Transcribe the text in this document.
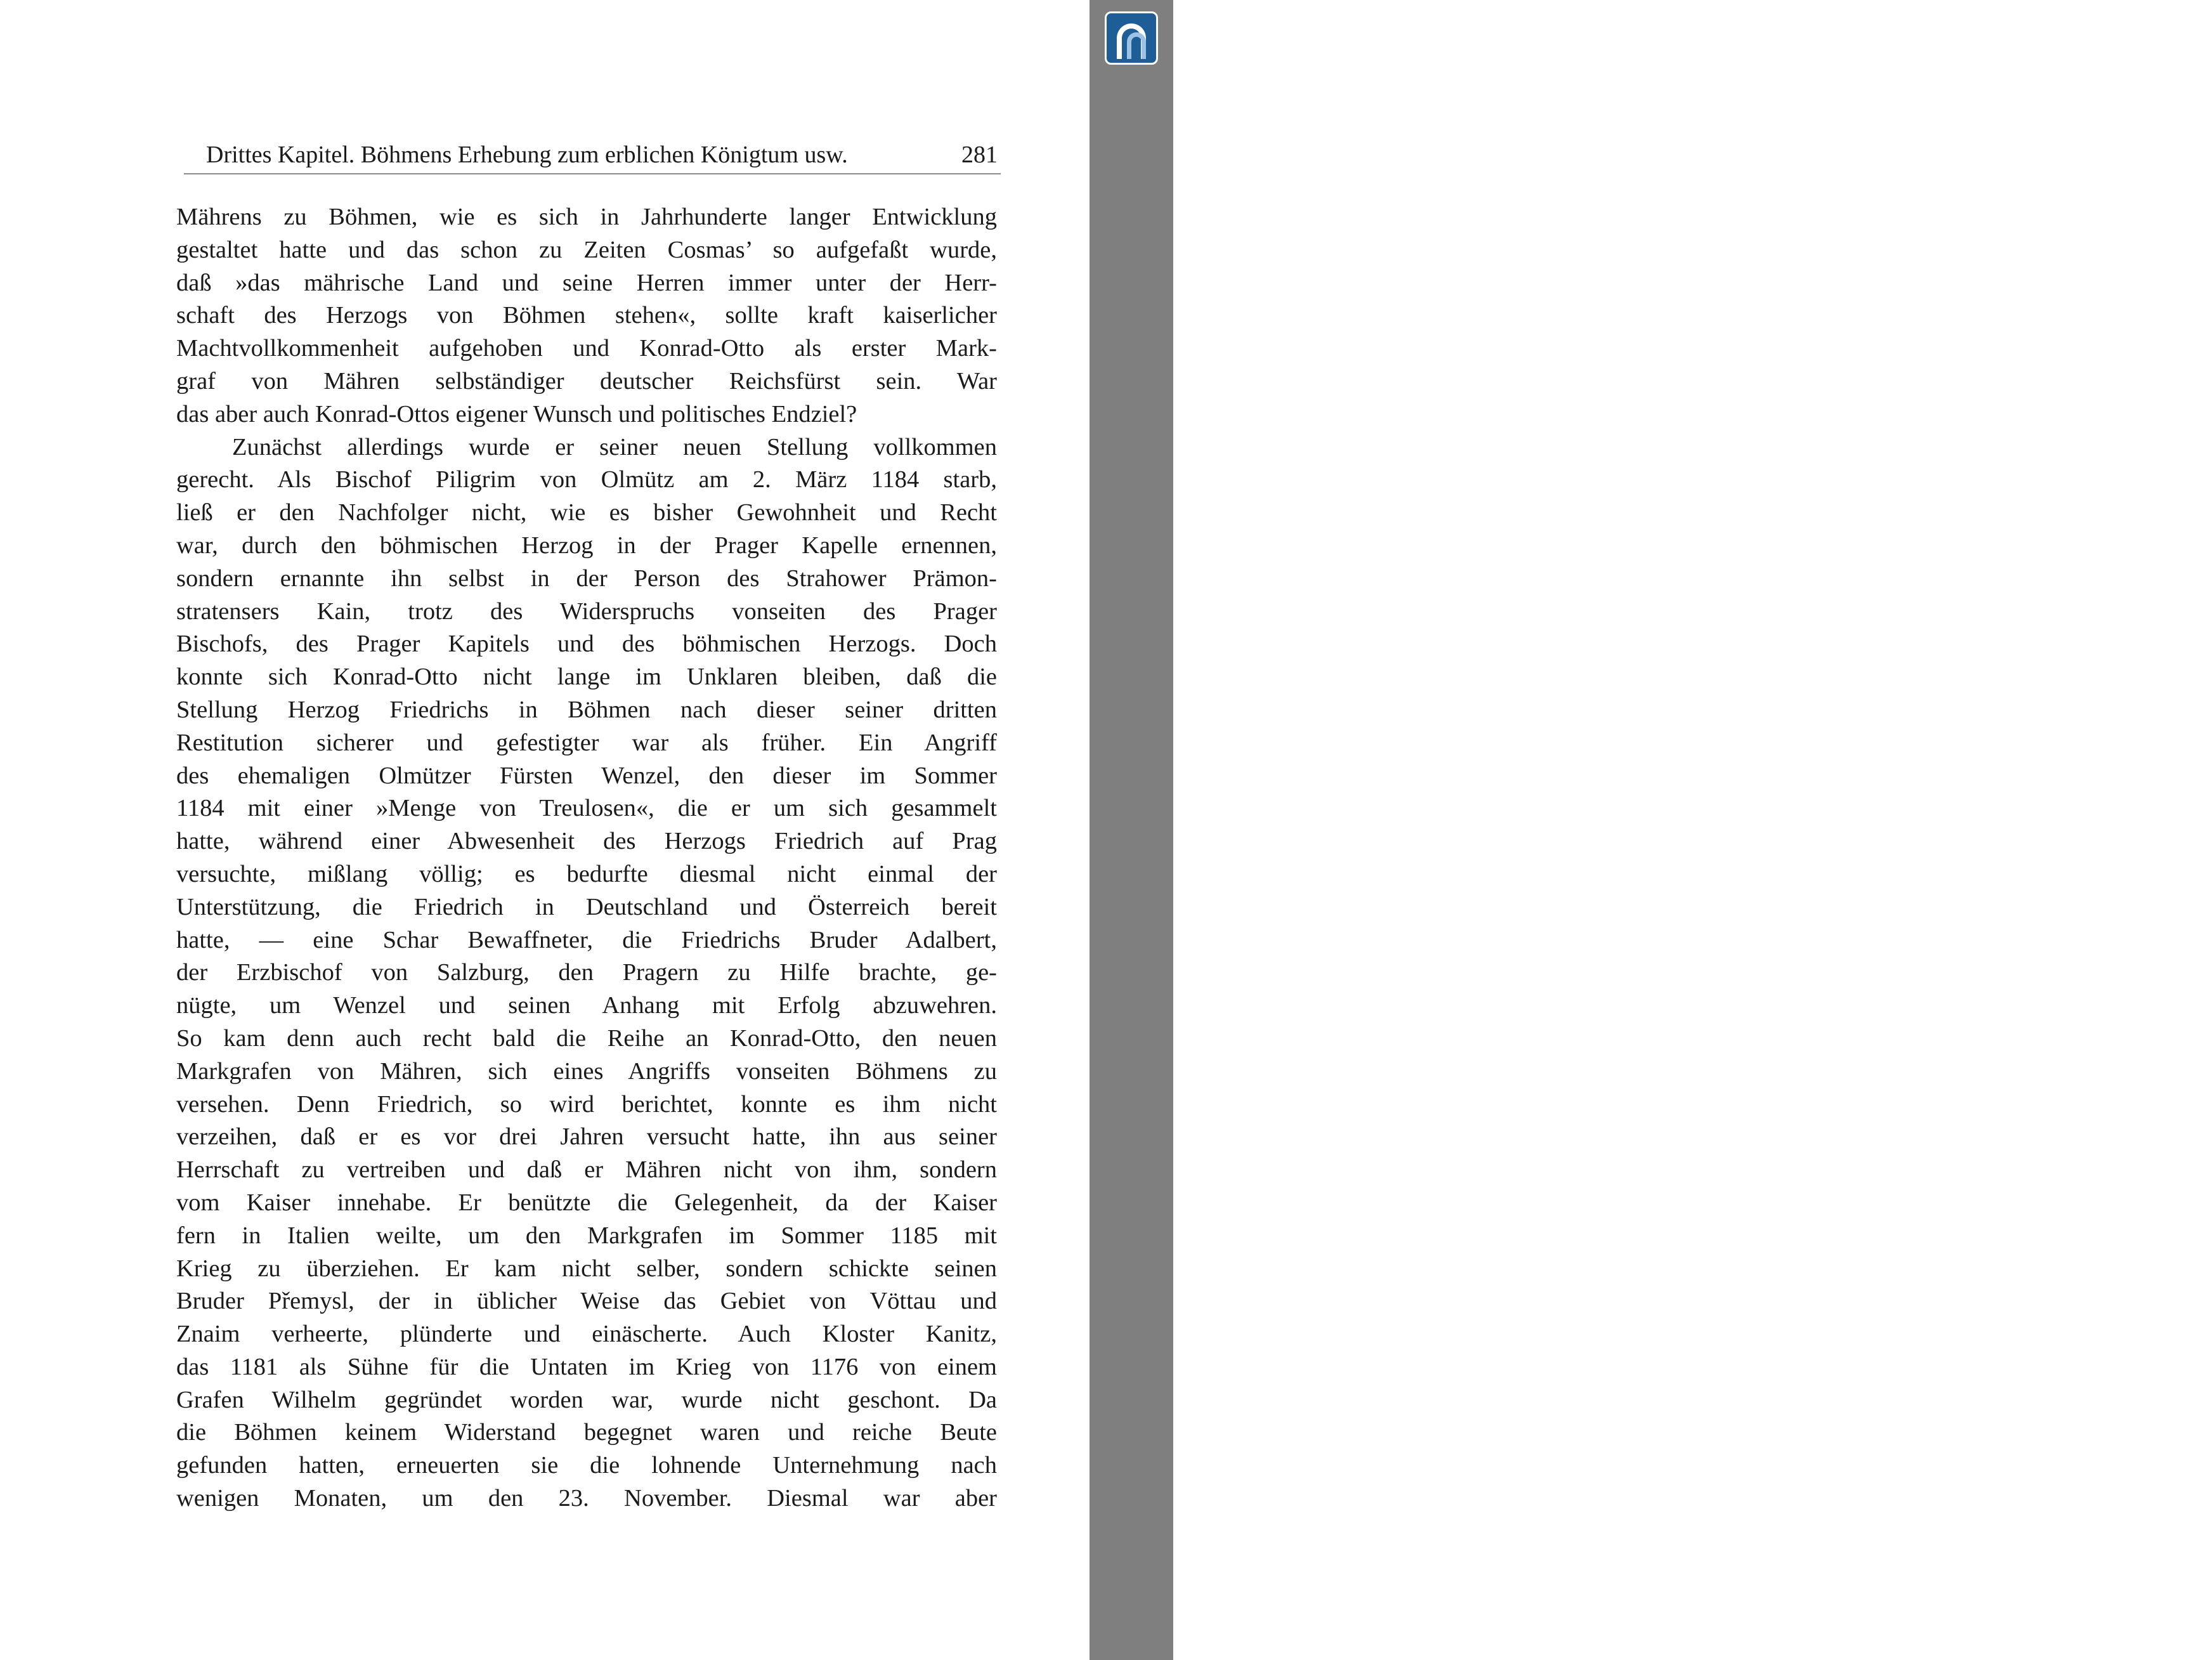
Drittes Kapitel. Böhmens Erhebung zum erblichen Königtum usw.	281
Mährens zu Böhmen, wie es sich in Jahrhunderte langer Entwicklung
gestaltet hatte und das schon zu Zeiten Cosmas’ so aufgefaßt wurde,
daß »das mährische Land und seine Herren immer unter der Herr-
schaft des Herzogs von Böhmen stehen«, sollte kraft kaiserlicher
Machtvollkommenheit aufgehoben und Konrad-Otto als erster Mark-
graf von Mähren selbständiger deutscher Reichsfürst sein. War
das aber auch Konrad-Ottos eigener Wunsch und politisches Endziel?
Zunächst allerdings wurde er seiner neuen Stellung vollkommen
gerecht. Als Bischof Piligrim von Olmütz am 2. März 1184 starb,
ließ er den Nachfolger nicht, wie es bisher Gewohnheit und Recht
war, durch den böhmischen Herzog in der Prager Kapelle ernennen,
sondern ernannte ihn selbst in der Person des Strahower Prämon-
stratensers Kain, trotz des Widerspruchs vonseiten des Prager
Bischofs, des Prager Kapitels und des böhmischen Herzogs. Doch
konnte sich Konrad-Otto nicht lange im Unklaren bleiben, daß die
Stellung Herzog Friedrichs in Böhmen nach dieser seiner dritten
Restitution sicherer und gefestigter war als früher. Ein Angriff
des ehemaligen Olmützer Fürsten Wenzel, den dieser im Sommer
1184 mit einer »Menge von Treulosen«, die er um sich gesammelt
hatte, während einer Abwesenheit des Herzogs Friedrich auf Prag
versuchte, mißlang völlig; es bedurfte diesmal nicht einmal der
Unterstützung, die Friedrich in Deutschland und Österreich bereit
hatte, — eine Schar Bewaffneter, die Friedrichs Bruder Adalbert,
der Erzbischof von Salzburg, den Pragern zu Hilfe brachte, ge-
nügte, um Wenzel und seinen Anhang mit Erfolg abzuwehren.
So kam denn auch recht bald die Reihe an Konrad-Otto, den neuen
Markgrafen von Mähren, sich eines Angriffs vonseiten Böhmens zu
versehen. Denn Friedrich, so wird berichtet, konnte es ihm nicht
verzeihen, daß er es vor drei Jahren versucht hatte, ihn aus seiner
Herrschaft zu vertreiben und daß er Mähren nicht von ihm, sondern
vom Kaiser innehabe. Er benützte die Gelegenheit, da der Kaiser
fern in Italien weilte, um den Markgrafen im Sommer 1185 mit
Krieg zu überziehen. Er kam nicht selber, sondern schickte seinen
Bruder Přemysl, der in üblicher Weise das Gebiet von Vöttau und
Znaim verheerte, plünderte und einäscherte. Auch Kloster Kanitz,
das 1181 als Sühne für die Untaten im Krieg von 1176 von einem
Grafen Wilhelm gegründet worden war, wurde nicht geschont. Da
die Böhmen keinem Widerstand begegnet waren und reiche Beute
gefunden hatten, erneuerten sie die lohnende Unternehmung nach
wenigen Monaten, um den 23. November. Diesmal war aber
Créé par la version démo de Universal Document Converter. La version complète n'ajoute pas ce texte.
FR.PRINT-DRIVER.COM
